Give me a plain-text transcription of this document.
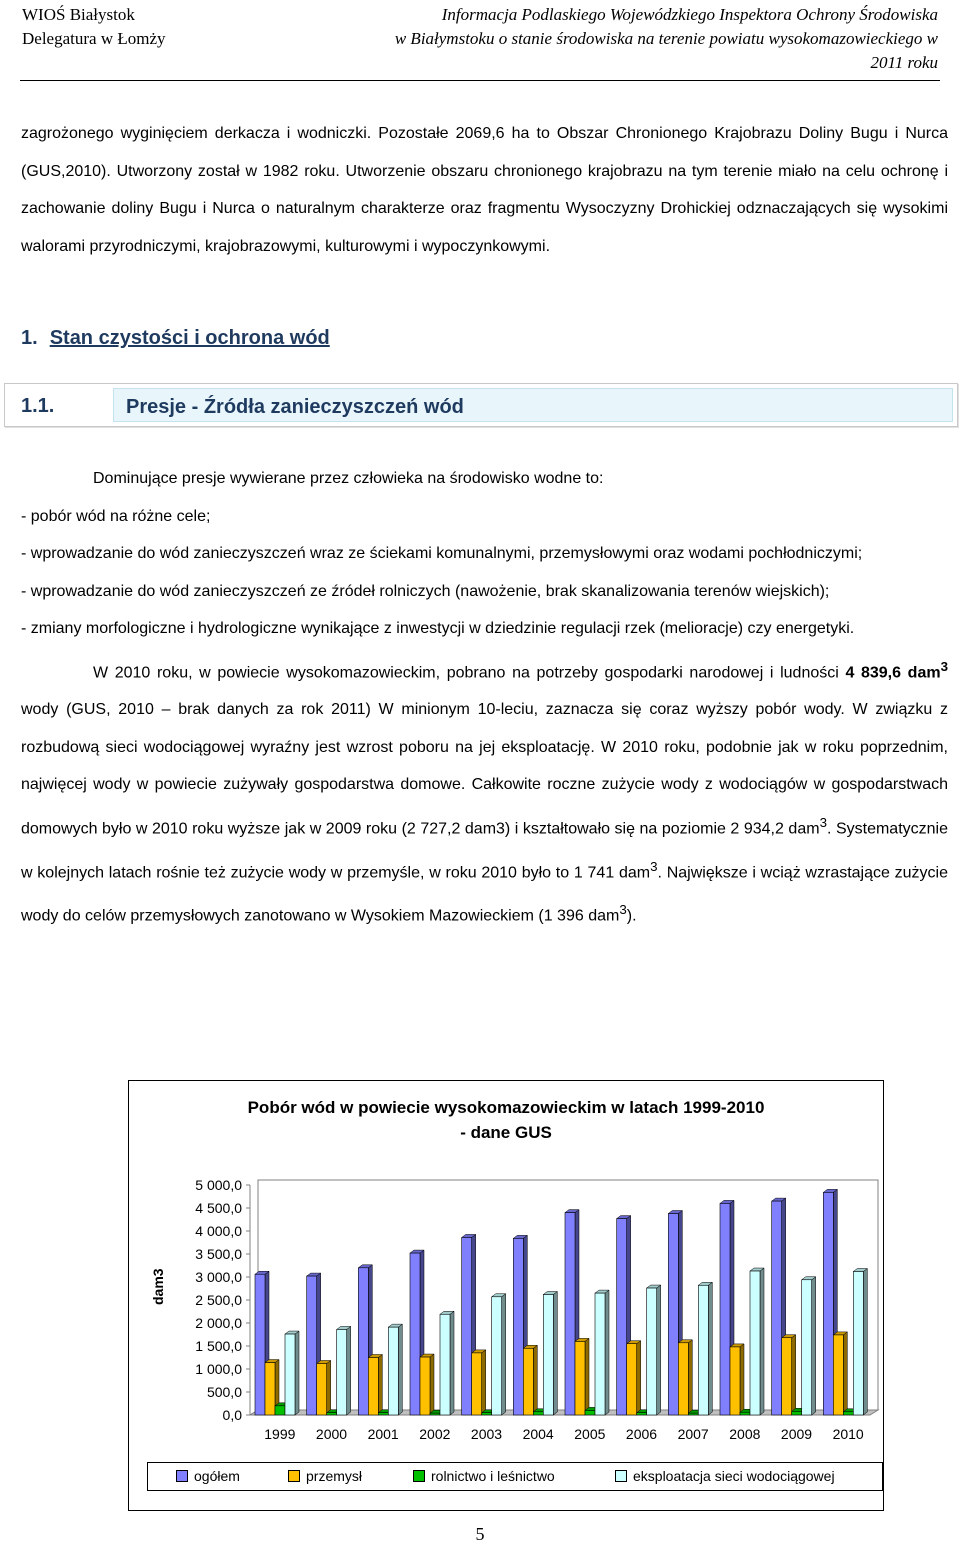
WIOŚ Białystok
Delegatura w Łomży
Informacja Podlaskiego Wojewódzkiego Inspektora Ochrony Środowiska
w Białymstoku o stanie środowiska na terenie powiatu wysokomazowieckiego w
2011 roku
zagrożonego wyginięciem derkacza i wodniczki. Pozostałe 2069,6 ha to Obszar Chronionego Krajobrazu Doliny Bugu i Nurca (GUS,2010). Utworzony został w 1982 roku. Utworzenie obszaru chronionego krajobrazu na tym terenie miało na celu ochronę i zachowanie doliny Bugu i Nurca o naturalnym charakterze oraz fragmentu Wysoczyzny Drohickiej odznaczających się wysokimi walorami przyrodniczymi, krajobrazowymi, kulturowymi i wypoczynkowymi.
1. Stan czystości i ochrona wód
1.1.	Presje - Źródła zanieczyszczeń wód
Dominujące presje wywierane przez człowieka na środowisko wodne to:
- pobór wód na różne cele;
- wprowadzanie do wód zanieczyszczeń wraz ze ściekami komunalnymi, przemysłowymi oraz wodami pochłodniczymi;
- wprowadzanie do wód zanieczyszczeń ze źródeł rolniczych (nawożenie, brak skanalizowania terenów wiejskich);
- zmiany morfologiczne i hydrologiczne wynikające z inwestycji w dziedzinie regulacji rzek (melioracje) czy energetyki.
W 2010 roku, w powiecie wysokomazowieckim, pobrano na potrzeby gospodarki narodowej i ludności 4 839,6 dam$^3$ wody (GUS, 2010 – brak danych za rok 2011) W minionym 10-leciu, zaznacza się coraz wyższy pobór wody. W związku z rozbudową sieci wodociągowej wyraźny jest wzrost poboru na jej eksploatację. W 2010 roku, podobnie jak w roku poprzednim, najwięcej wody w powiecie zużywały gospodarstwa domowe. Całkowite roczne zużycie wody z wodociągów w gospodarstwach domowych było w 2010 roku wyższe jak w 2009 roku (2 727,2 dam3) i kształtowało się na poziomie 2 934,2 dam$^3$. Systematycznie w kolejnych latach rośnie też zużycie wody w przemyśle, w roku 2010 było to 1 741 dam$^3$. Największe i wciąż wzrastające zużycie wody do celów przemysłowych zanotowano w Wysokiem Mazowieckiem (1 396 dam$^3$).
Pobór wód w powiecie wysokomazowieckim w latach 1999-2010
- dane GUS
dam3
0,0
500,0
1 000,0
1 500,0
2 000,0
2 500,0
3 000,0
3 500,0
4 000,0
4 500,0
5 000,0
1999 2000 2001 2002 2003 2004 2005 2006 2007 2008 2009 2010
ogółem	przemysł	rolnictwo i leśnictwo	eksploatacja sieci wodociągowej
5
